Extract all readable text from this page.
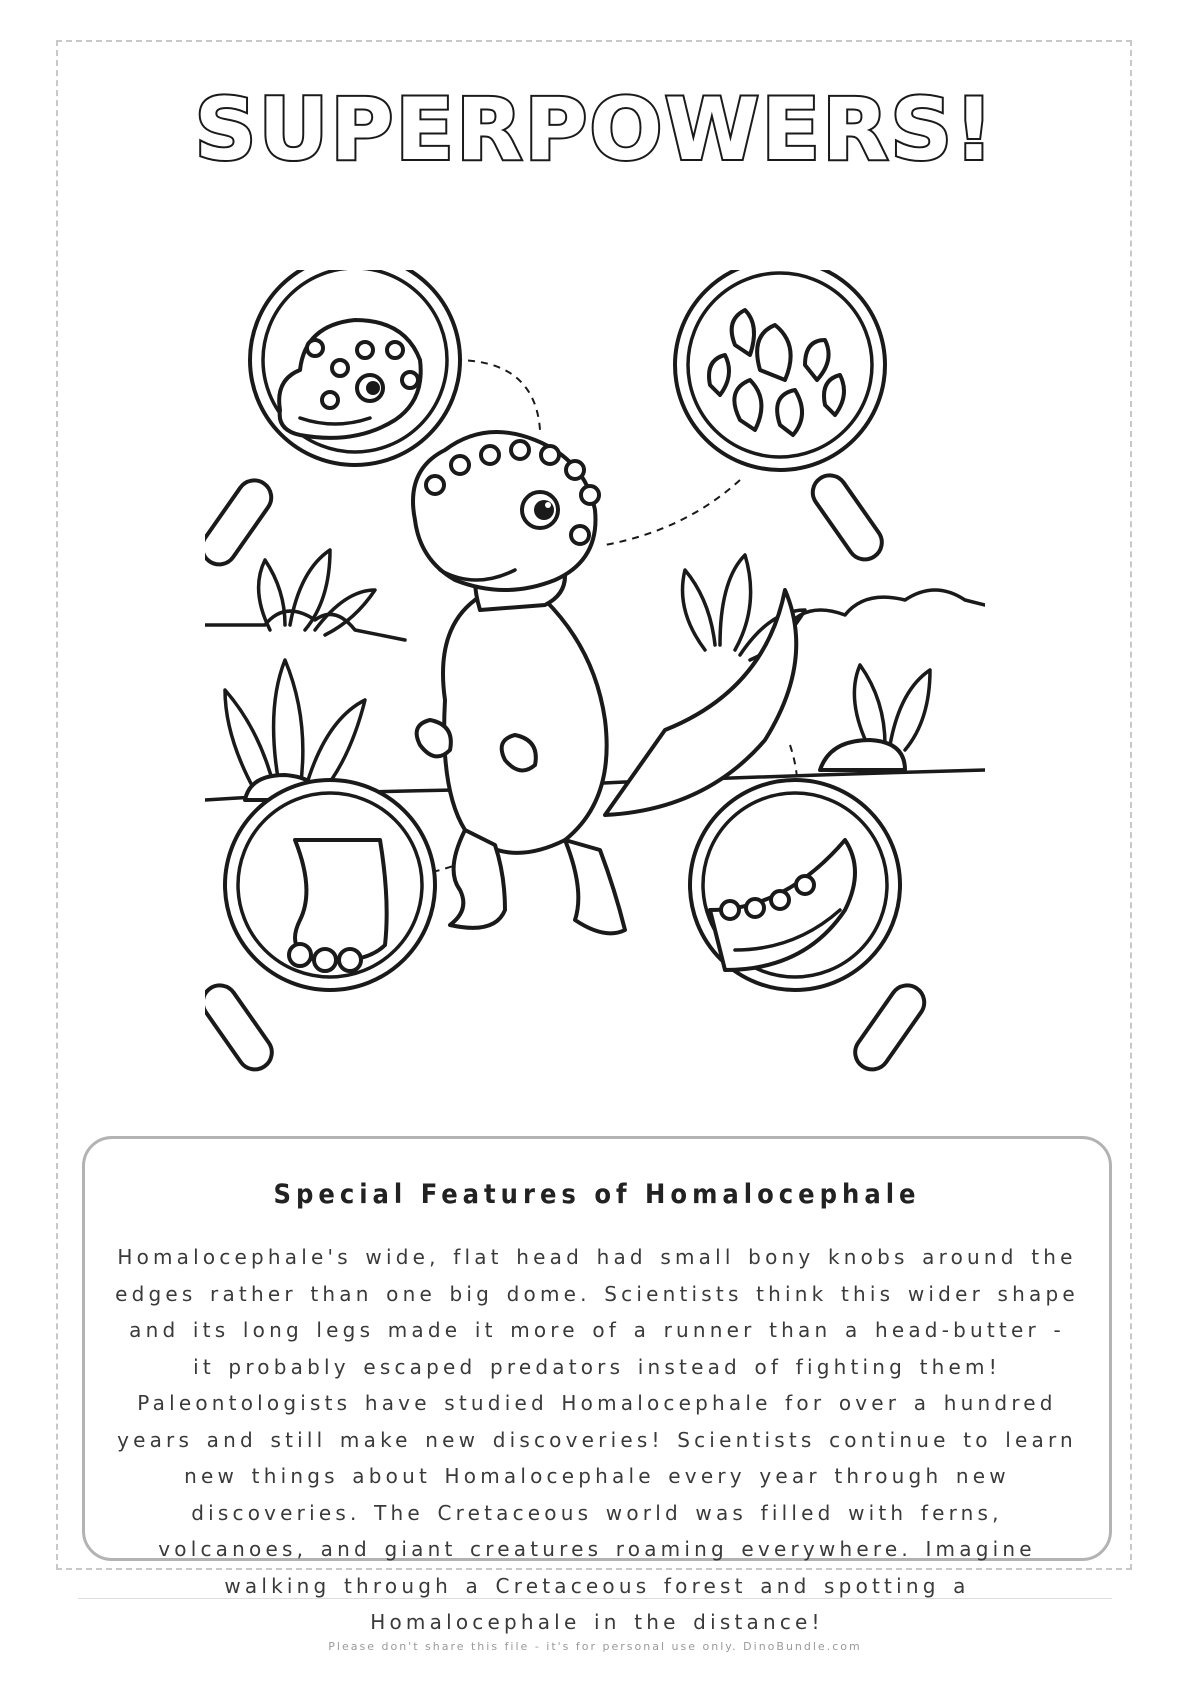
SUPERPOWERS!
Special Features of Homalocephale
Homalocephale's wide, flat head had small bony knobs around the edges rather than one big dome. Scientists think this wider shape and its long legs made it more of a runner than a head-butter - it probably escaped predators instead of fighting them! Paleontologists have studied Homalocephale for over a hundred years and still make new discoveries! Scientists continue to learn new things about Homalocephale every year through new discoveries. The Cretaceous world was filled with ferns, volcanoes, and giant creatures roaming everywhere. Imagine walking through a Cretaceous forest and spotting a Homalocephale in the distance!
Please don't share this file - it's for personal use only. DinoBundle.com
